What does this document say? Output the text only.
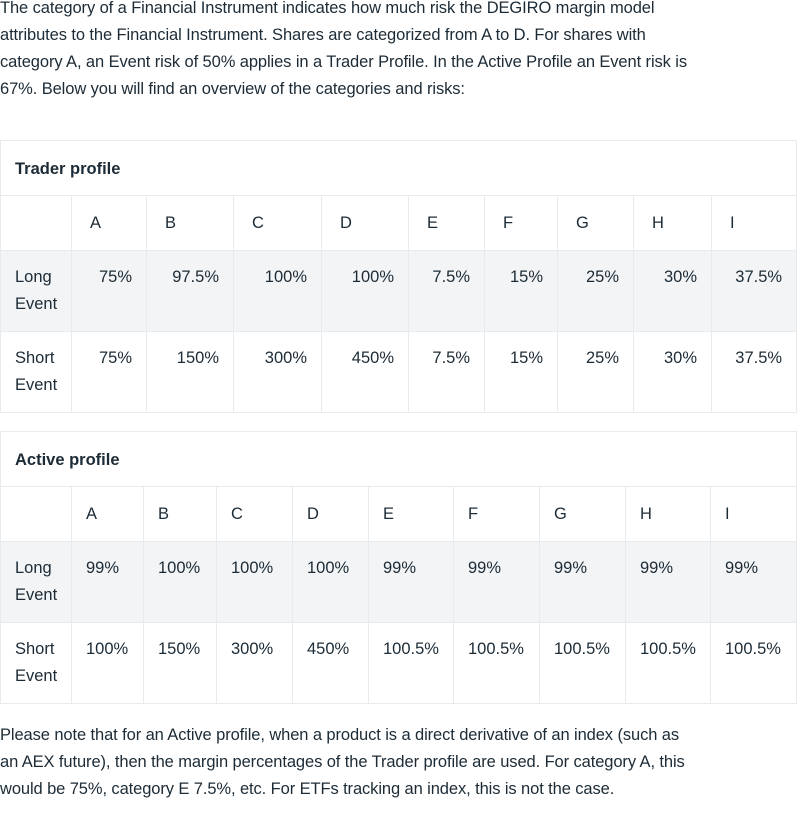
The category of a Financial Instrument indicates how much risk the DEGIRO margin model attributes to the Financial Instrument. Shares are categorized from A to D. For shares with category A, an Event risk of 50% applies in a Trader Profile. In the Active Profile an Event risk is 67%. Below you will find an overview of the categories and risks:

Trader profile									
	A	B	C	D	E	F	G	H	I
Long Event	75%	97.5%	100%	100%	7.5%	15%	25%	30%	37.5%
Short Event	75%	150%	300%	450%	7.5%	15%	25%	30%	37.5%
Active profile									
	A	B	C	D	E	F	G	H	I
Long Event	99%	100%	100%	100%	99%	99%	99%	99%	99%
Short Event	100%	150%	300%	450%	100.5%	100.5%	100.5%	100.5%	100.5%

Please note that for an Active profile, when a product is a direct derivative of an index (such as an AEX future), then the margin percentages of the Trader profile are used. For category A, this would be 75%, category E 7.5%, etc. For ETFs tracking an index, this is not the case.
